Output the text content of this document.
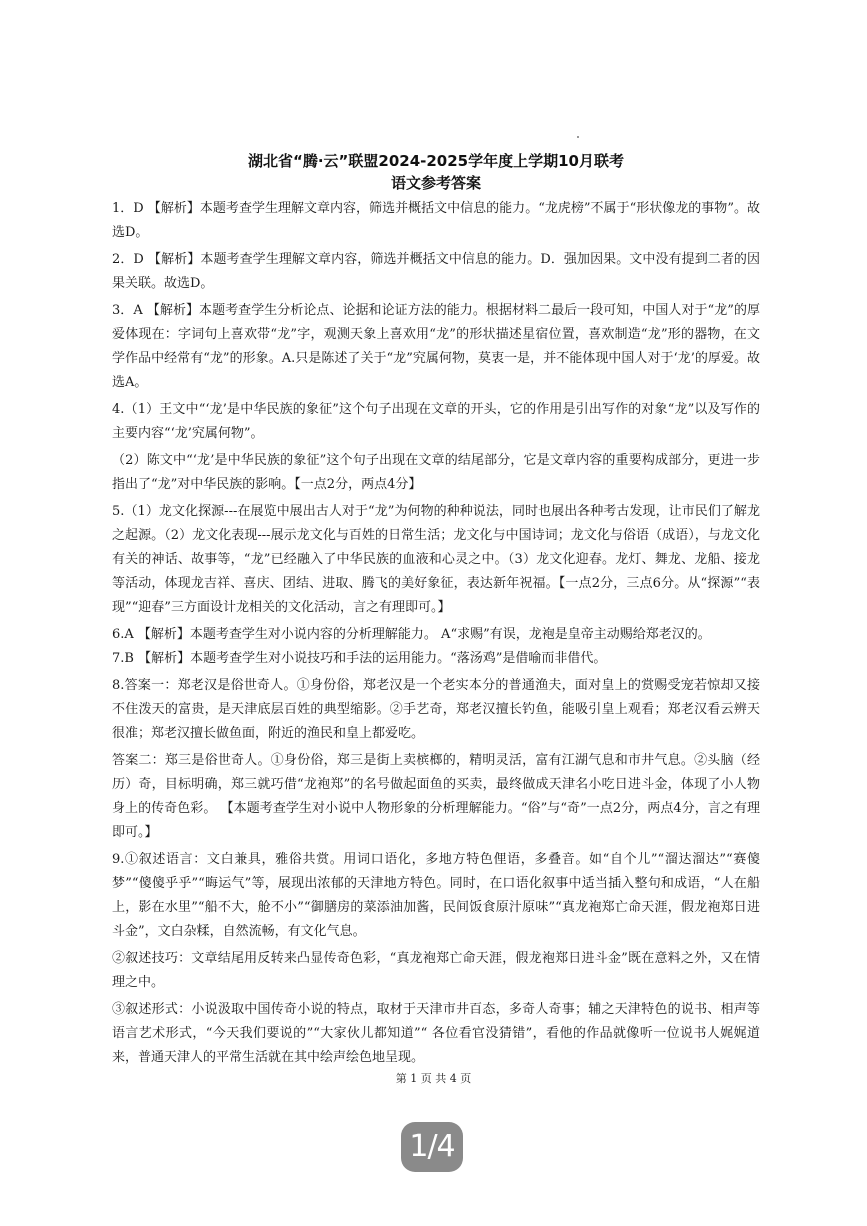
湖北省“腾·云”联盟2024-2025学年度上学期10月联考

语文参考答案

1．D 【解析】本题考查学生理解文章内容，筛选并概括文中信息的能力。“龙虎榜”不属于“形状像龙的事物”。故选D。

2．D 【解析】本题考查学生理解文章内容，筛选并概括文中信息的能力。D．强加因果。文中没有提到二者的因果关联。故选D。

3．A 【解析】本题考查学生分析论点、论据和论证方法的能力。根据材料二最后一段可知，中国人对于“龙”的厚爱体现在：字词句上喜欢带“龙”字，观测天象上喜欢用“龙”的形状描述星宿位置，喜欢制造“龙”形的器物，在文学作品中经常有“龙”的形象。A.只是陈述了关于“龙”究属何物，莫衷一是，并不能体现中国人对于‘龙’的厚爱。故选A。

4.（1）王文中“‘龙’是中华民族的象征”这个句子出现在文章的开头，它的作用是引出写作的对象“龙”以及写作的主要内容“‘龙’究属何物”。

（2）陈文中“‘龙’是中华民族的象征”这个句子出现在文章的结尾部分，它是文章内容的重要构成部分，更进一步指出了“龙”对中华民族的影响。【一点2分，两点4分】

5.（1）龙文化探源---在展览中展出古人对于“龙”为何物的种种说法，同时也展出各种考古发现，让市民们了解龙之起源。（2）龙文化表现---展示龙文化与百姓的日常生活；龙文化与中国诗词；龙文化与俗语（成语），与龙文化有关的神话、故事等，“龙”已经融入了中华民族的血液和心灵之中。（3）龙文化迎春。龙灯、舞龙、龙船、接龙等活动，体现龙吉祥、喜庆、团结、进取、腾飞的美好象征，表达新年祝福。【一点2分，三点6分。从“探源”“表现”“迎春”三方面设计龙相关的文化活动，言之有理即可。】

6.A 【解析】本题考查学生对小说内容的分析理解能力。 A“求赐”有误，龙袍是皇帝主动赐给郑老汉的。

7.B 【解析】本题考查学生对小说技巧和手法的运用能力。“落汤鸡”是借喻而非借代。

8.答案一：郑老汉是俗世奇人。①身份俗，郑老汉是一个老实本分的普通渔夫，面对皇上的赏赐受宠若惊却又接不住泼天的富贵，是天津底层百姓的典型缩影。②手艺奇，郑老汉擅长钓鱼，能吸引皇上观看；郑老汉看云辨天很准；郑老汉擅长做鱼面，附近的渔民和皇上都爱吃。

答案二：郑三是俗世奇人。①身份俗，郑三是街上卖槟榔的，精明灵活，富有江湖气息和市井气息。②头脑（经历）奇，目标明确，郑三就巧借“龙袍郑”的名号做起面鱼的买卖，最终做成天津名小吃日进斗金，体现了小人物身上的传奇色彩。 【本题考查学生对小说中人物形象的分析理解能力。“俗”与“奇”一点2分，两点4分，言之有理即可。】

9.①叙述语言：文白兼具，雅俗共赏。用词口语化，多地方特色俚语，多叠音。如“自个儿”“溜达溜达”“赛傻梦”“傻傻乎乎”“晦运气”等，展现出浓郁的天津地方特色。同时，在口语化叙事中适当插入整句和成语，“人在船上，影在水里”“船不大，舱不小”“御膳房的菜添油加酱，民间饭食原汁原味”“真龙袍郑亡命天涯，假龙袍郑日进斗金”，文白杂糅，自然流畅，有文化气息。

②叙述技巧：文章结尾用反转来凸显传奇色彩，“真龙袍郑亡命天涯，假龙袍郑日进斗金”既在意料之外，又在情理之中。

③叙述形式：小说汲取中国传奇小说的特点，取材于天津市井百态，多奇人奇事；辅之天津特色的说书、相声等语言艺术形式，“今天我们要说的”“大家伙儿都知道”“ 各位看官没猜错”，看他的作品就像听一位说书人娓娓道来，普通天津人的平常生活就在其中绘声绘色地呈现。

第 1 页 共 4 页
1/4
